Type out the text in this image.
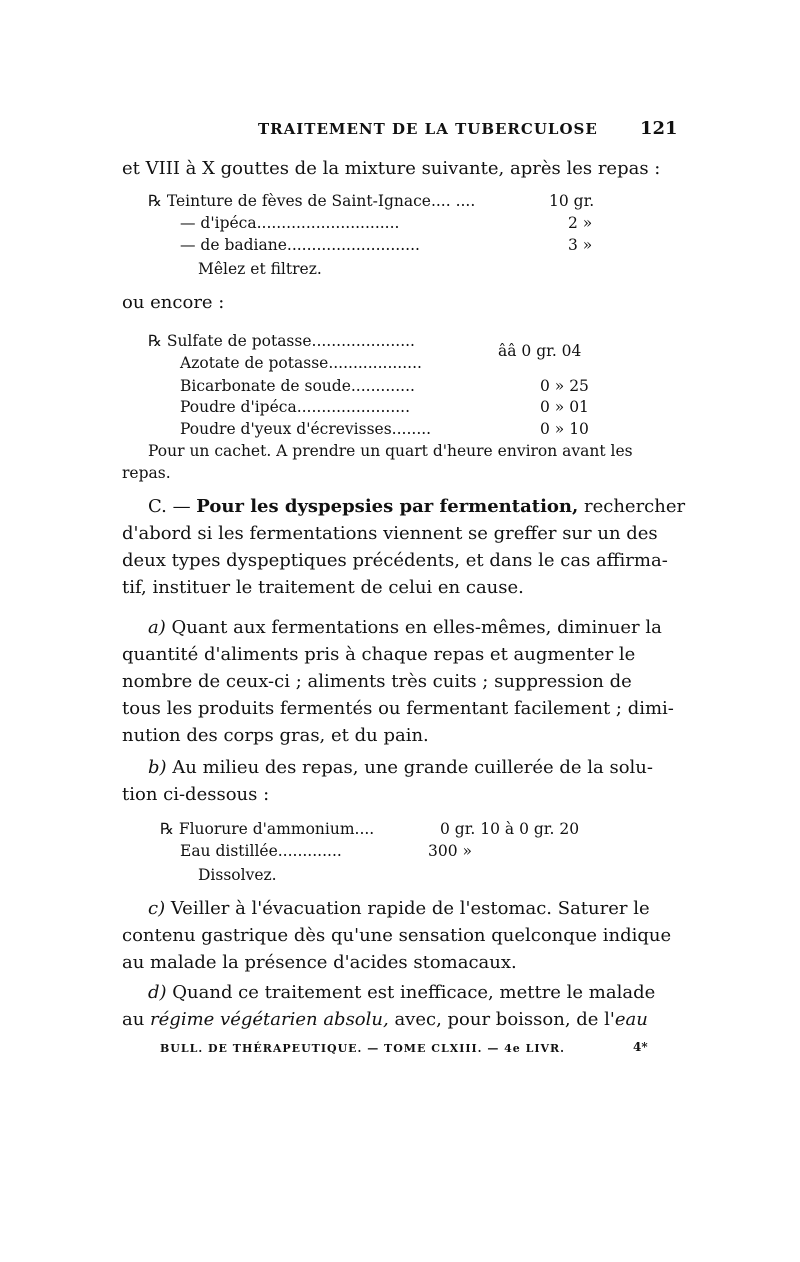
TRAITEMENT DE LA TUBERCULOSE 121
et VIII à X gouttes de la mixture suivante, après les repas :
℞ Teinture de fèves de Saint-Ignace.... ....	10 gr.
— d'ipéca.............................	2 »
— de badiane...........................	3 »
Mêlez et filtrez.
ou encore :
℞ Sulfate de potasse.....................
Azotate de potasse...................
ââ 0 gr. 04
Bicarbonate de soude.............	0 » 25
Poudre d'ipéca.......................	0 » 01
Poudre d'yeux d'écrevisses........	0 » 10
Pour un cachet. A prendre un quart d'heure environ avant les
repas.
C. — Pour les dyspepsies par fermentation, rechercher
d'abord si les fermentations viennent se greffer sur un des
deux types dyspeptiques précédents, et dans le cas affirma-
tif, instituer le traitement de celui en cause.
a) Quant aux fermentations en elles-mêmes, diminuer la
quantité d'aliments pris à chaque repas et augmenter le
nombre de ceux-ci ; aliments très cuits ; suppression de
tous les produits fermentés ou fermentant facilement ; dimi-
nution des corps gras, et du pain.
b) Au milieu des repas, une grande cuillerée de la solu-
tion ci-dessous :
℞ Fluorure d'ammonium....	0 gr. 10 à 0 gr. 20
Eau distillée.............	300 »
Dissolvez.
c) Veiller à l'évacuation rapide de l'estomac. Saturer le
contenu gastrique dès qu'une sensation quelconque indique
au malade la présence d'acides stomacaux.
d) Quand ce traitement est inefficace, mettre le malade
au régime végétarien absolu, avec, pour boisson, de l'eau
BULL. DE THÉRAPEUTIQUE. — TOME CLXIII. — 4e LIVR.	4*
